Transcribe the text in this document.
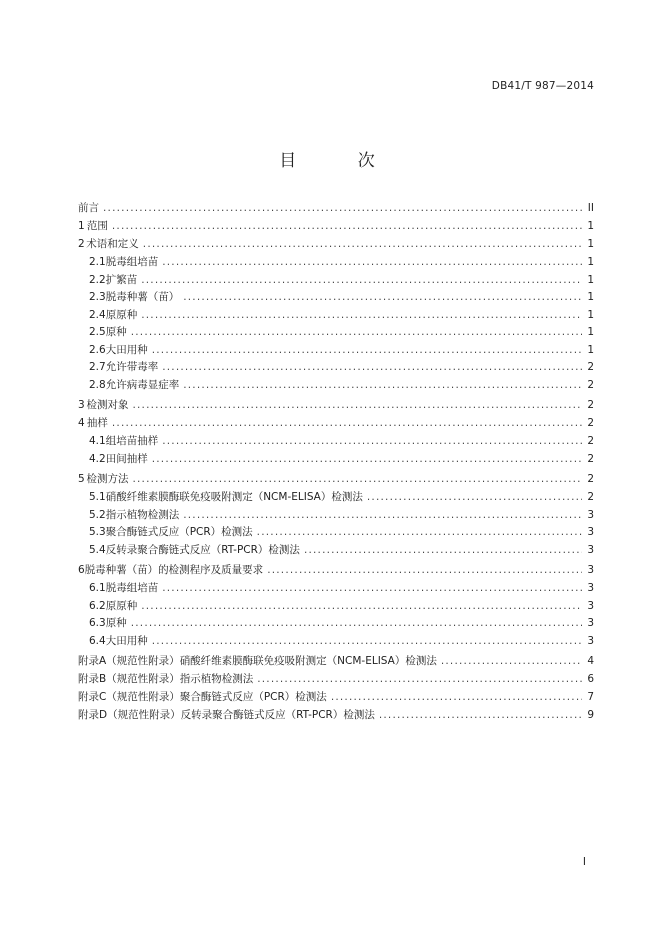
DB41/T 987—2014
目 次
前言 .....	II
1 范围 .....	1
2 术语和定义 .....	1
2.1 脱毒组培苗 .....	1
2.2 扩繁苗 .....	1
2.3 脱毒种薯（苗） .....	1
2.4 原原种 .....	1
2.5 原种 .....	1
2.6 大田用种 .....	1
2.7 允许带毒率 .....	2
2.8 允许病毒显症率 .....	2
3 检测对象 .....	2
4 抽样 .....	2
4.1 组培苗抽样 .....	2
4.2 田间抽样 .....	2
5 检测方法 .....	2
5.1 硝酸纤维素膜酶联免疫吸附测定（NCM-ELISA）检测法 .....	2
5.2 指示植物检测法 .....	3
5.3 聚合酶链式反应（PCR）检测法 .....	3
5.4 反转录聚合酶链式反应（RT-PCR）检测法 .....	3
6 脱毒种薯（苗）的检测程序及质量要求 .....	3
6.1 脱毒组培苗 .....	3
6.2 原原种 .....	3
6.3 原种 .....	3
6.4 大田用种 .....	3
附录A（规范性附录） 硝酸纤维素膜酶联免疫吸附测定（NCM-ELISA）检测法 .....	4
附录B（规范性附录） 指示植物检测法 .....	6
附录C（规范性附录） 聚合酶链式反应（PCR）检测法 .....	7
附录D（规范性附录） 反转录聚合酶链式反应（RT-PCR）检测法 .....	9
I
